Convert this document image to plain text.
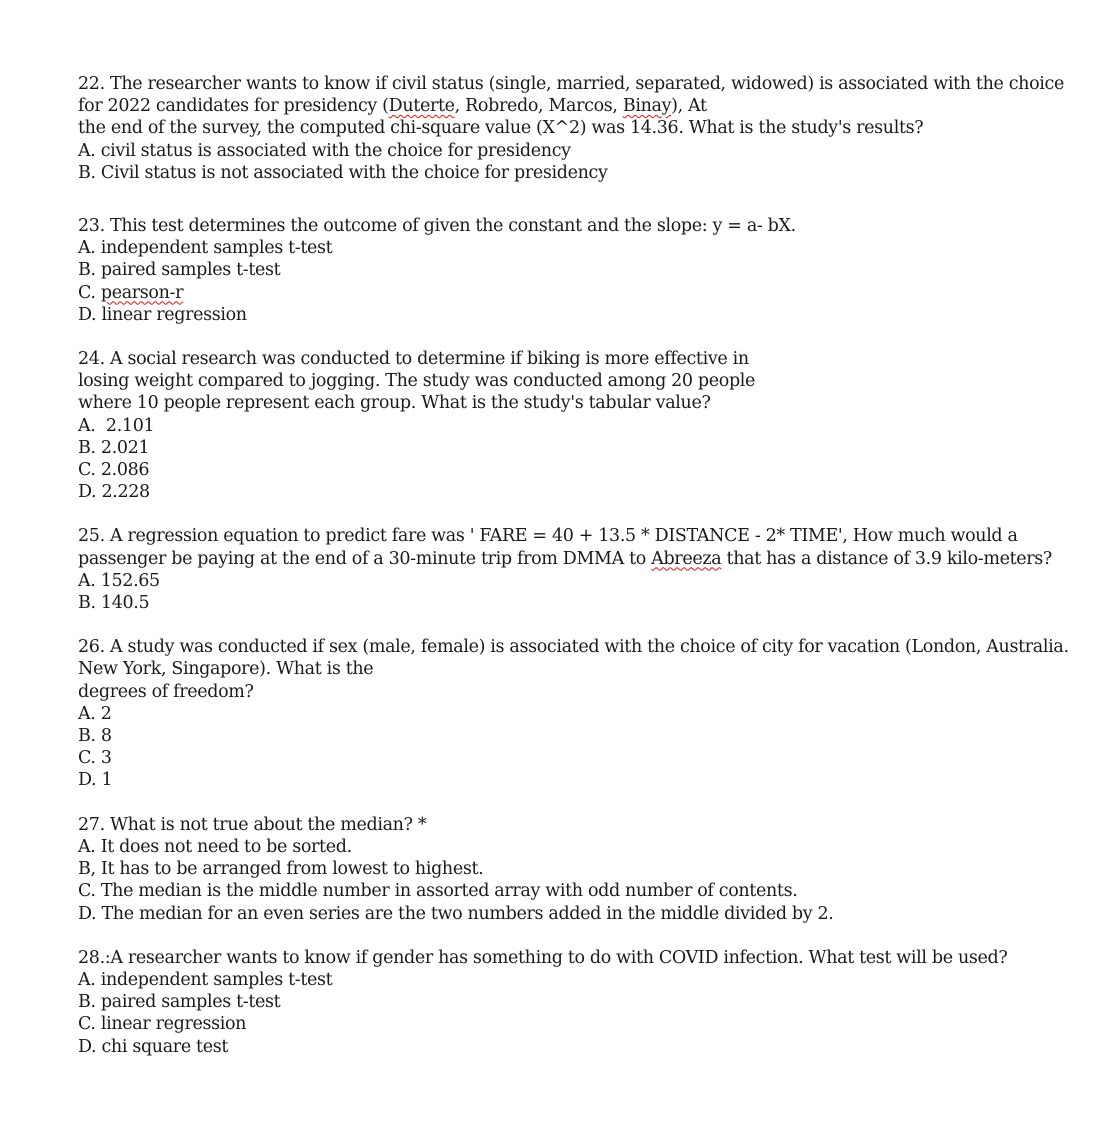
22. The researcher wants to know if civil status (single, married, separated, widowed) is associated with the choice
for 2022 candidates for presidency (Duterte, Robredo, Marcos, Binay), At
the end of the survey, the computed chi-square value (X^2) was 14.36. What is the study's results?
A. civil status is associated with the choice for presidency
B. Civil status is not associated with the choice for presidency
23. This test determines the outcome of given the constant and the slope: y = a- bX.
A. independent samples t-test
B. paired samples t-test
C. pearson-r
D. linear regression
24. A social research was conducted to determine if biking is more effective in
losing weight compared to jogging. The study was conducted among 20 people
where 10 people represent each group. What is the study's tabular value?
A.  2.101
B. 2.021
C. 2.086
D. 2.228
25. A regression equation to predict fare was ' FARE = 40 + 13.5 * DISTANCE - 2* TIME', How much would a
passenger be paying at the end of a 30-minute trip from DMMA to Abreeza that has a distance of 3.9 kilo-meters?
A. 152.65
B. 140.5
26. A study was conducted if sex (male, female) is associated with the choice of city for vacation (London, Australia.
New York, Singapore). What is the
degrees of freedom?
A. 2
B. 8
C. 3
D. 1
27. What is not true about the median? *
A. It does not need to be sorted.
B, It has to be arranged from lowest to highest.
C. The median is the middle number in assorted array with odd number of contents.
D. The median for an even series are the two numbers added in the middle divided by 2.
28.:A researcher wants to know if gender has something to do with COVID infection. What test will be used?
A. independent samples t-test
B. paired samples t-test
C. linear regression
D. chi square test
